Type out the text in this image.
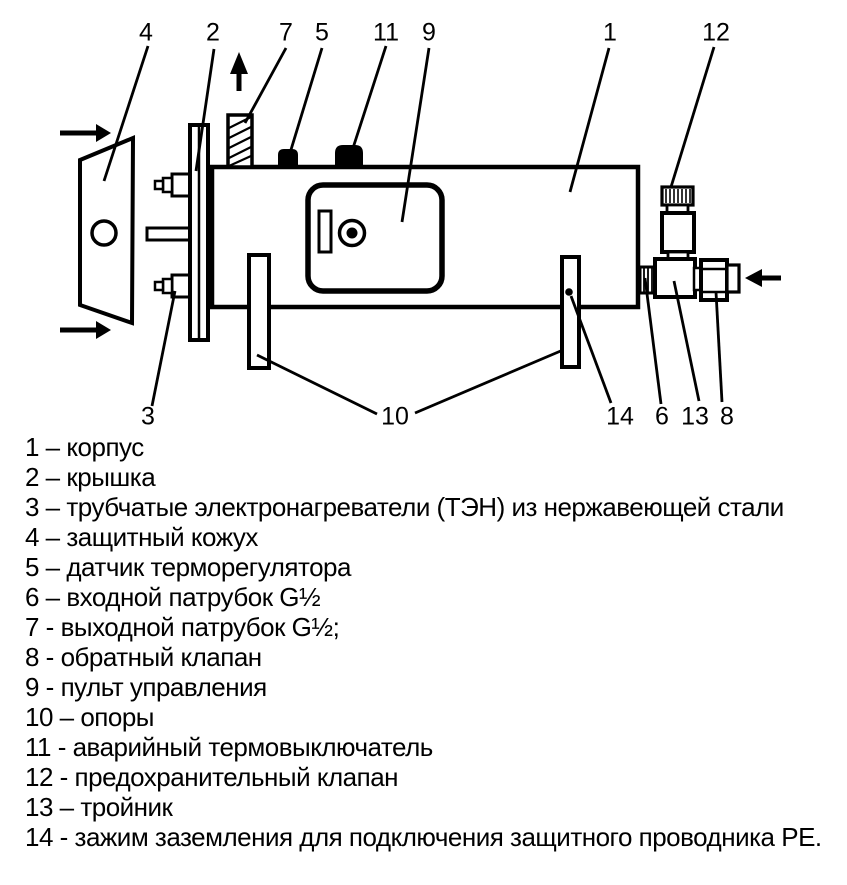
4 2 7 5 11 9	1	12
3	10	14 6 13 8
1 – корпус
2 – крышка
3 – трубчатые электронагреватели (ТЭН) из нержавеющей стали
4 – защитный кожух
5 – датчик терморегулятора
6 – входной патрубок G½
7 - выходной патрубок G½;
8 - обратный клапан
9 - пульт управления
10 – опоры
11 - аварийный термовыключатель
12 - предохранительный клапан
13 – тройник
14 - зажим заземления для подключения защитного проводника PE.
